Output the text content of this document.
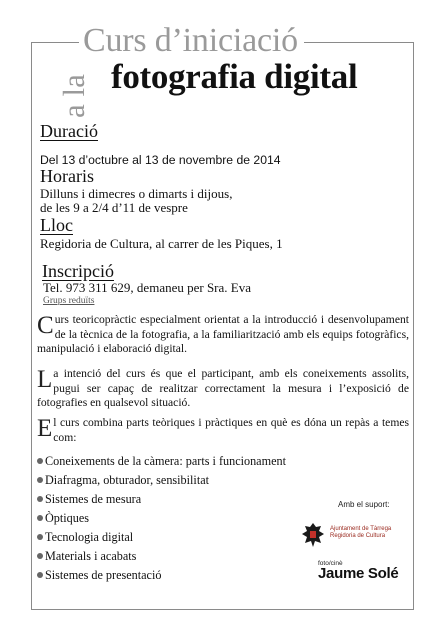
Curs d’iniciació
a la fotografia digital
Duració
Del 13 d’octubre al 13 de novembre de 2014
Horaris
Dilluns i dimecres o dimarts i dijous,
de les 9 a 2/4 d’11 de vespre
Lloc
Regidoria de Cultura, al carrer de les Piques, 1
Inscripció
Tel. 973 311 629, demaneu per Sra. Eva
Grups reduïts

Curs teoricopràctic especialment orientat a la introducció i desenvolupament de la tècnica de la fotografia, a la familiarització amb els equips fotogràfics, manipulació i elaboració digital.

La intenció del curs és que el participant, amb els coneixements assolits, pugui ser capaç de realitzar correctament la mesura i l’exposició de fotografies en qualsevol situació.

El curs combina parts teòriques i pràctiques en què es dóna un repàs a temes com:

Coneixements de la càmera: parts i funcionament
Diafragma, obturador, sensibilitat
Sistemes de mesura
Òptiques
Tecnologia digital
Materials i acabats
Sistemes de presentació
Amb el suport:
Ajuntament de Tàrrega
Regidoria de Cultura
foto/cinè
Jaume Solé
